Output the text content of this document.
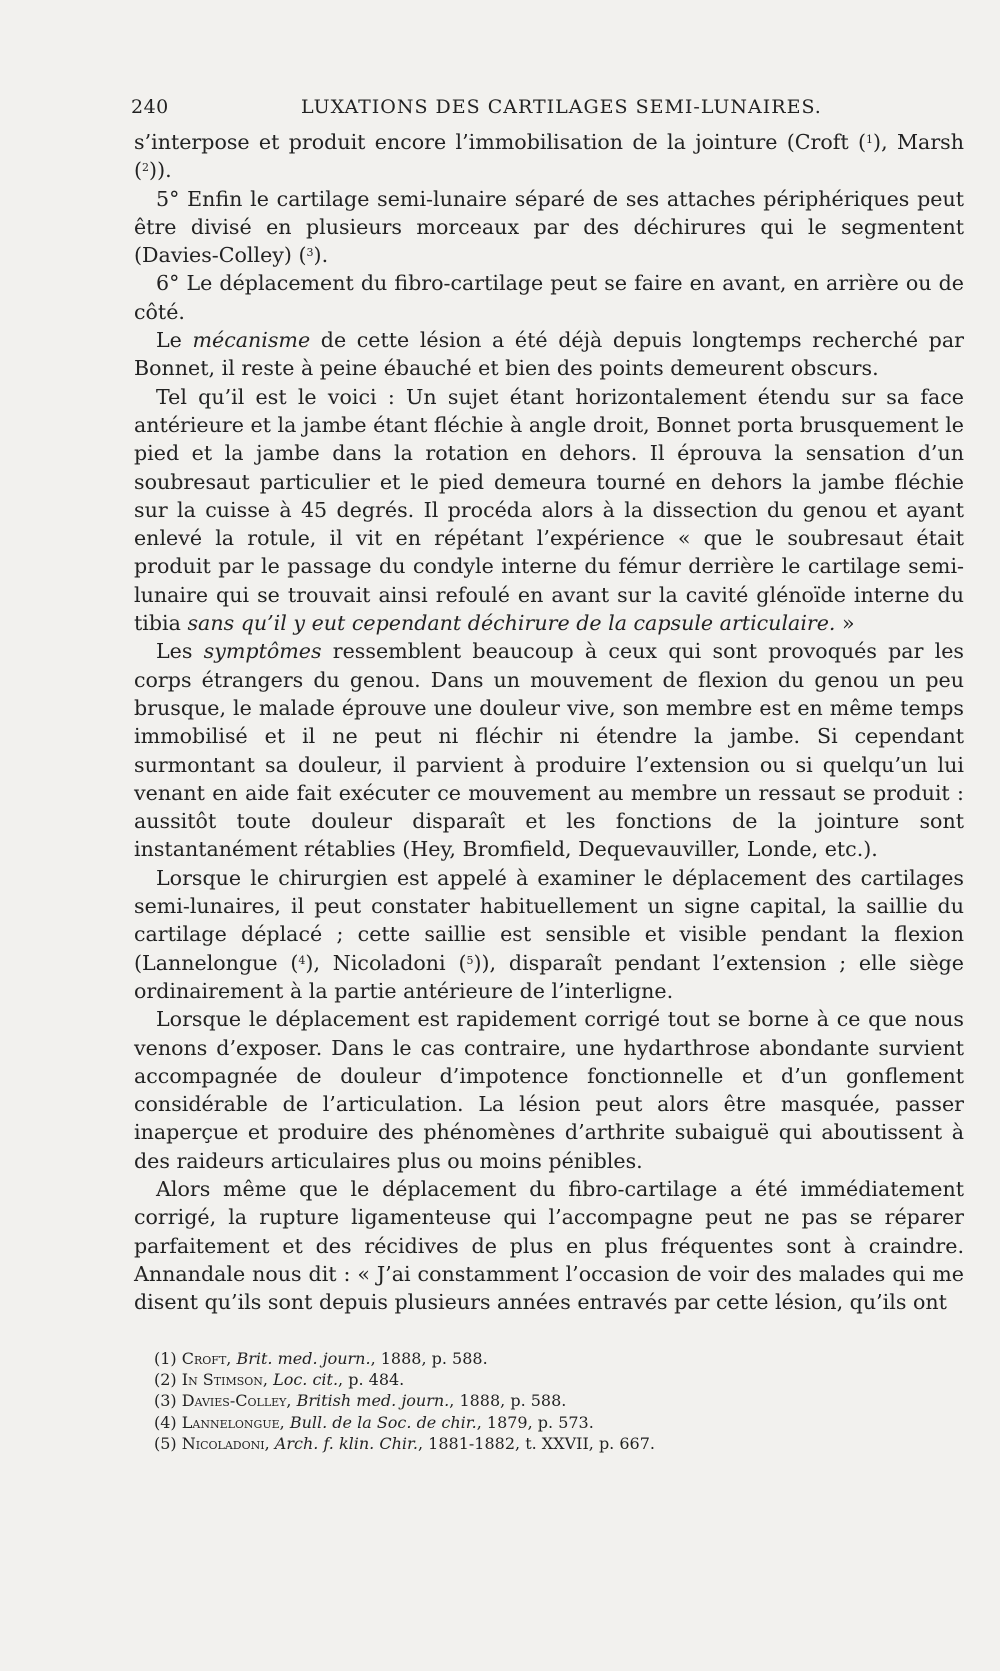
240	LUXATIONS DES CARTILAGES SEMI-LUNAIRES.

s’interpose et produit encore l’immobilisation de la jointure (Croft ($^1$), Marsh ($^2$)).

5° Enfin le cartilage semi-lunaire séparé de ses attaches périphériques peut être divisé en plusieurs morceaux par des déchirures qui le segmentent (Davies-Colley) ($^3$).

6° Le déplacement du fibro-cartilage peut se faire en avant, en arrière ou de côté.

Le mécanisme de cette lésion a été déjà depuis longtemps recherché par Bonnet, il reste à peine ébauché et bien des points demeurent obscurs.

Tel qu’il est le voici : Un sujet étant horizontalement étendu sur sa face antérieure et la jambe étant fléchie à angle droit, Bonnet porta brusquement le pied et la jambe dans la rotation en dehors. Il éprouva la sensation d’un soubresaut particulier et le pied demeura tourné en dehors la jambe fléchie sur la cuisse à 45 degrés. Il procéda alors à la dissection du genou et ayant enlevé la rotule, il vit en répétant l’expérience « que le soubresaut était produit par le passage du condyle interne du fémur derrière le cartilage semi-lunaire qui se trouvait ainsi refoulé en avant sur la cavité glénoïde interne du tibia sans qu’il y eut cependant déchirure de la capsule articulaire. »

Les symptômes ressemblent beaucoup à ceux qui sont provoqués par les corps étrangers du genou. Dans un mouvement de flexion du genou un peu brusque, le malade éprouve une douleur vive, son membre est en même temps immobilisé et il ne peut ni fléchir ni étendre la jambe. Si cependant surmontant sa douleur, il parvient à produire l’extension ou si quelqu’un lui venant en aide fait exécuter ce mouvement au membre un ressaut se produit : aussitôt toute douleur disparaît et les fonctions de la jointure sont instantanément rétablies (Hey, Bromfield, Dequevauviller, Londe, etc.).

Lorsque le chirurgien est appelé à examiner le déplacement des cartilages semi-lunaires, il peut constater habituellement un signe capital, la saillie du cartilage déplacé ; cette saillie est sensible et visible pendant la flexion (Lannelongue ($^4$), Nicoladoni ($^5$)), disparaît pendant l’extension ; elle siège ordinairement à la partie antérieure de l’interligne.

Lorsque le déplacement est rapidement corrigé tout se borne à ce que nous venons d’exposer. Dans le cas contraire, une hydarthrose abondante survient accompagnée de douleur d’impotence fonctionnelle et d’un gonflement considérable de l’articulation. La lésion peut alors être masquée, passer inaperçue et produire des phénomènes d’arthrite subaiguë qui aboutissent à des raideurs articulaires plus ou moins pénibles.

Alors même que le déplacement du fibro-cartilage a été immédiatement corrigé, la rupture ligamenteuse qui l’accompagne peut ne pas se réparer parfaitement et des récidives de plus en plus fréquentes sont à craindre. Annandale nous dit : « J’ai constamment l’occasion de voir des malades qui me disent qu’ils sont depuis plusieurs années entravés par cette lésion, qu’ils ont

(1) Croft, Brit. med. journ., 1888, p. 588.

(2) In Stimson, Loc. cit., p. 484.

(3) Davies-Colley, British med. journ., 1888, p. 588.

(4) Lannelongue, Bull. de la Soc. de chir., 1879, p. 573.

(5) Nicoladoni, Arch. f. klin. Chir., 1881-1882, t. XXVII, p. 667.
